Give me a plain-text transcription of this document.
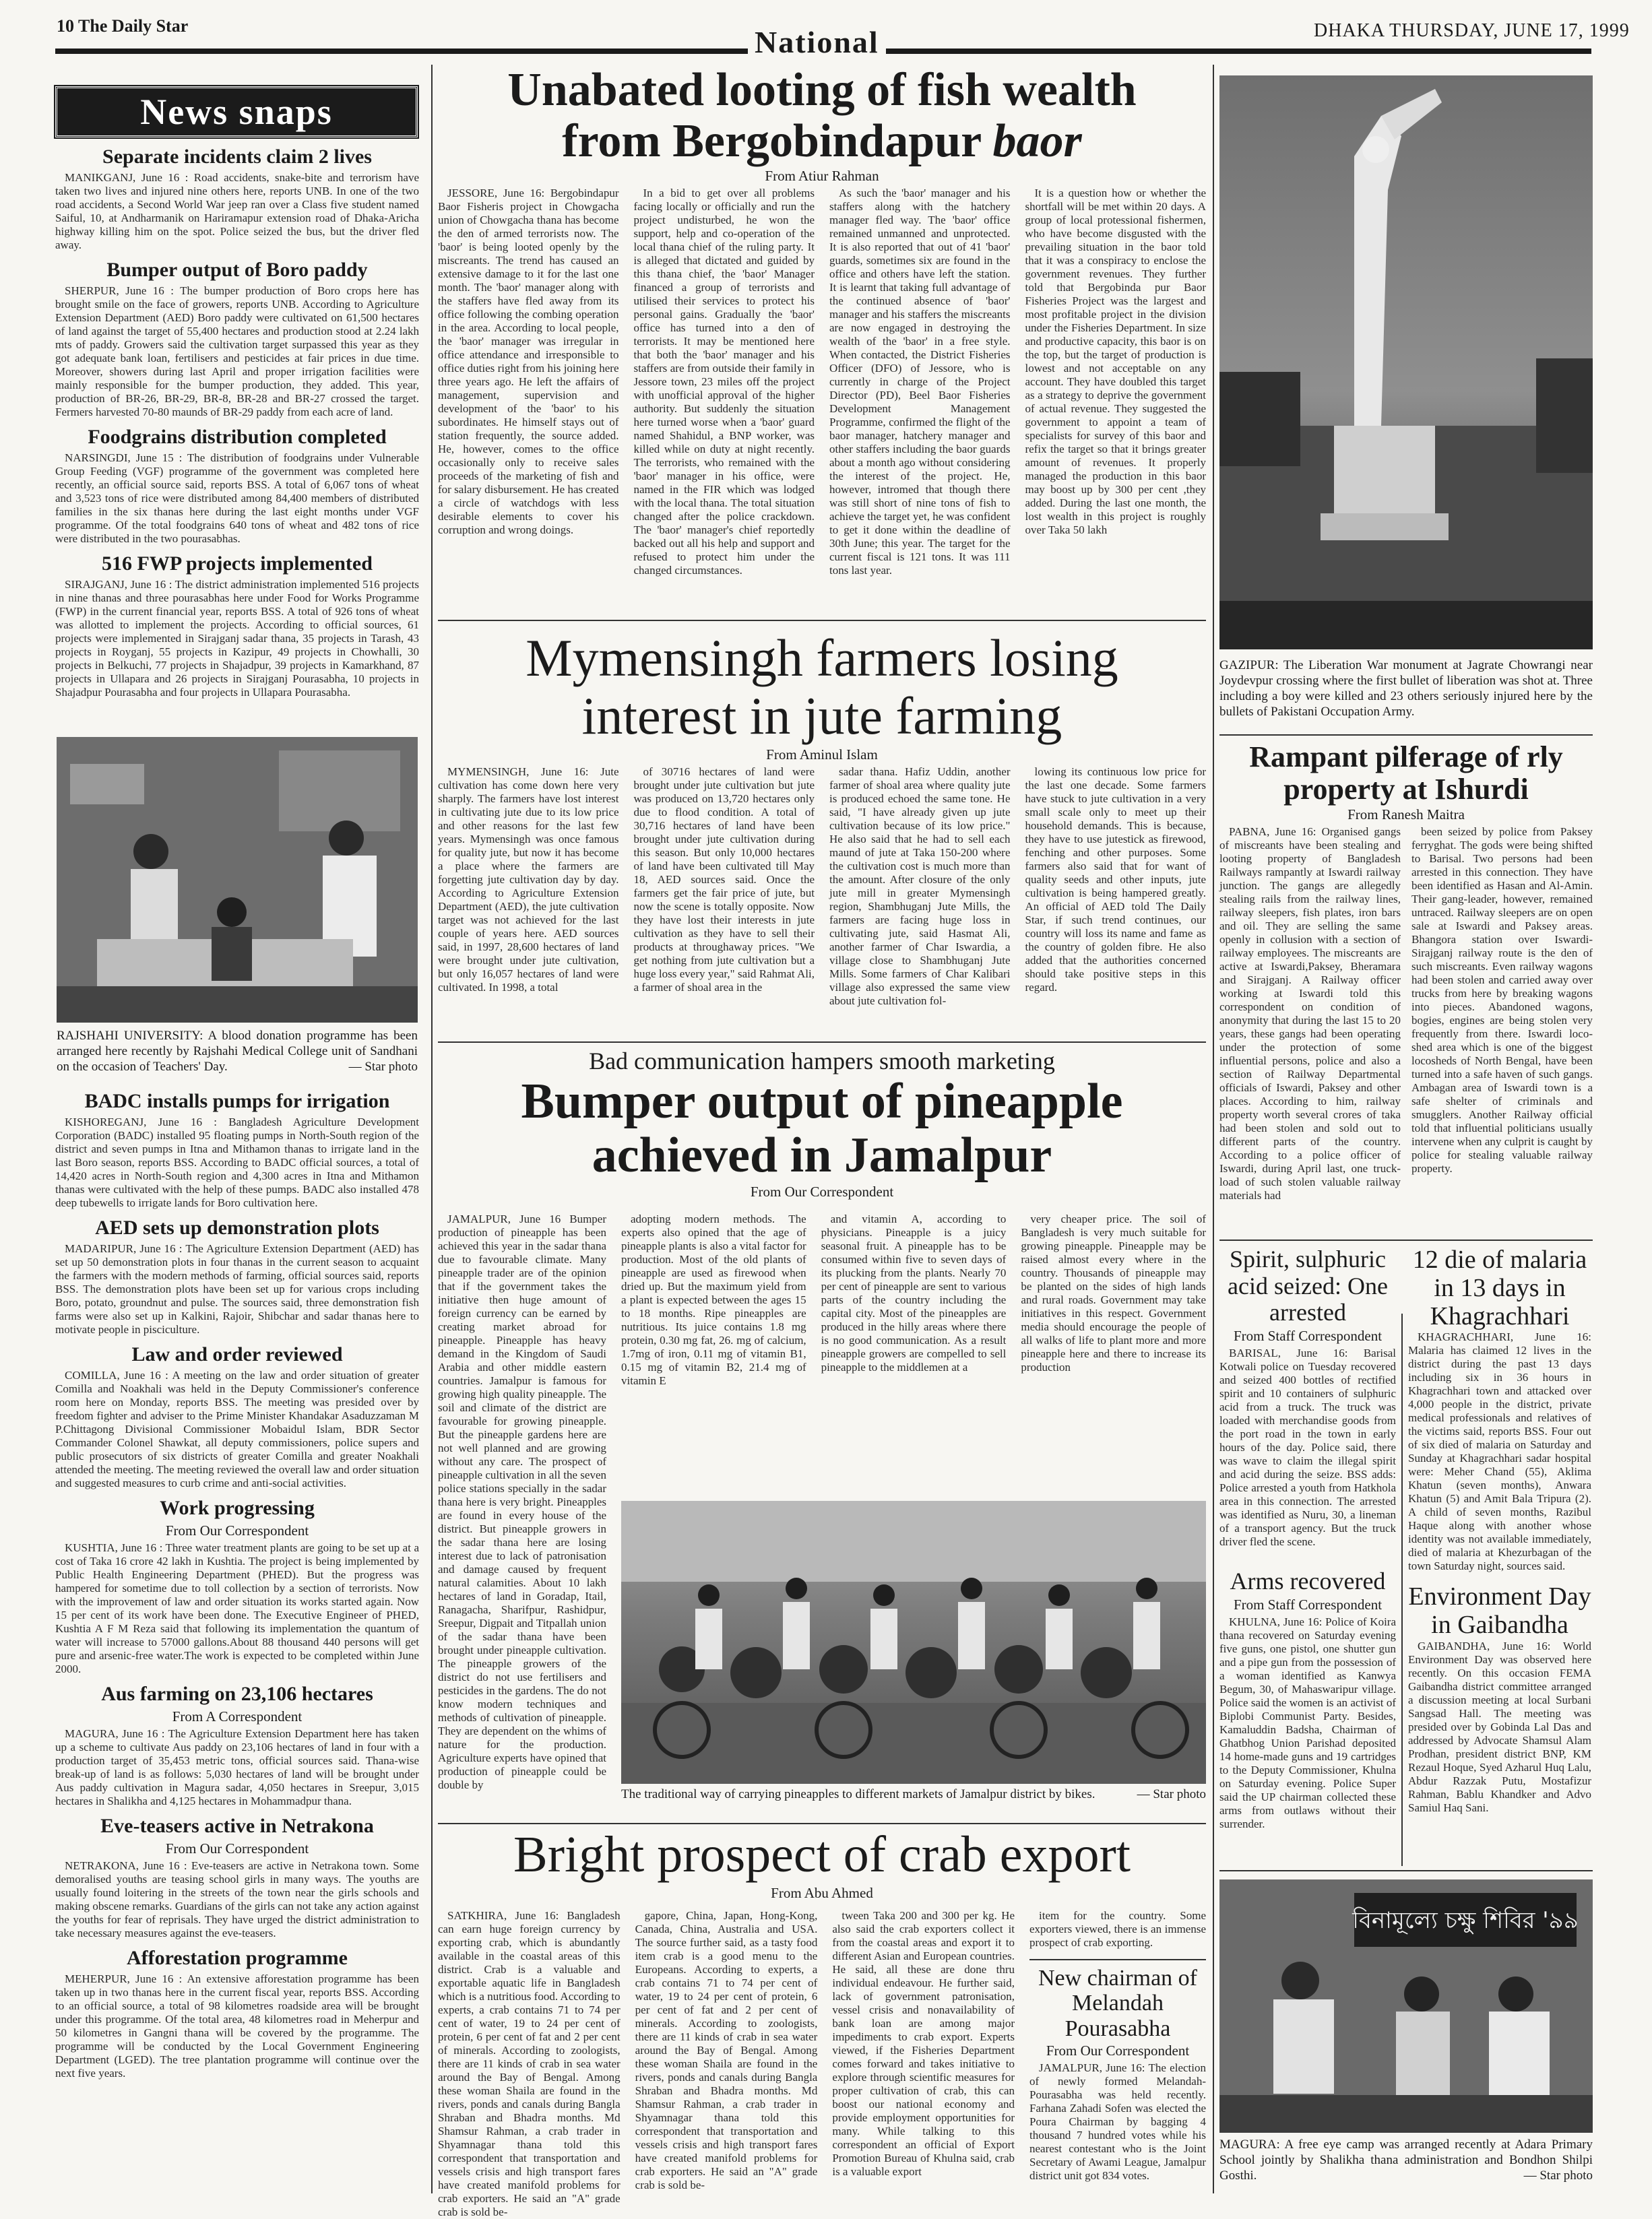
10 The Daily Star	National	DHAKA THURSDAY, JUNE 17, 1999
News snaps
Separate incidents claim 2 lives

MANIKGANJ, June 16 : Road accidents, snake-bite and terrorism have taken two lives and injured nine others here, reports UNB. In one of the two road accidents, a Second World War jeep ran over a Class five student named Saiful, 10, at Andharmanik on Hariramapur extension road of Dhaka-Aricha highway killing him on the spot. Police seized the bus, but the driver fled away.

Bumper output of Boro paddy

SHERPUR, June 16 : The bumper production of Boro crops here has brought smile on the face of growers, reports UNB. According to Agriculture Extension Department (AED) Boro paddy were cultivated on 61,500 hectares of land against the target of 55,400 hectares and production stood at 2.24 lakh mts of paddy. Growers said the cultivation target surpassed this year as they got adequate bank loan, fertilisers and pesticides at fair prices in due time. Moreover, showers during last April and proper irrigation facilities were mainly responsible for the bumper production, they added. This year, production of BR-26, BR-29, BR-8, BR-28 and BR-27 crossed the target. Fermers harvested 70-80 maunds of BR-29 paddy from each acre of land.

Foodgrains distribution completed

NARSINGDI, June 15 : The distribution of foodgrains under Vulnerable Group Feeding (VGF) programme of the government was completed here recently, an official source said, reports BSS. A total of 6,067 tons of wheat and 3,523 tons of rice were distributed among 84,400 members of distributed families in the six thanas here during the last eight months under VGF programme. Of the total foodgrains 640 tons of wheat and 482 tons of rice were distributed in the two pourasabhas.

516 FWP projects implemented

SIRAJGANJ, June 16 : The district administration implemented 516 projects in nine thanas and three pourasabhas here under Food for Works Programme (FWP) in the current financial year, reports BSS. A total of 926 tons of wheat was allotted to implement the projects. According to official sources, 61 projects were implemented in Sirajganj sadar thana, 35 projects in Tarash, 43 projects in Royganj, 55 projects in Kazipur, 49 projects in Chowhalli, 30 projects in Belkuchi, 77 projects in Shajadpur, 39 projects in Kamarkhand, 87 projects in Ullapara and 26 projects in Sirajganj Pourasabha, 10 projects in Shajadpur Pourasabha and four projects in Ullapara Pourasabha.

RAJSHAHI UNIVERSITY: A blood donation programme has been arranged here recently by Rajshahi Medical College unit of Sandhani on the occasion of Teachers' Day.	— Star photo
BADC installs pumps for irrigation

KISHOREGANJ, June 16 : Bangladesh Agriculture Development Corporation (BADC) installed 95 floating pumps in North-South region of the district and seven pumps in Itna and Mithamon thanas to irrigate land in the last Boro season, reports BSS. According to BADC official sources, a total of 14,420 acres in North-South region and 4,300 acres in Itna and Mithamon thanas were cultivated with the help of these pumps. BADC also installed 478 deep tubewells to irrigate lands for Boro cultivation here.

AED sets up demonstration plots

MADARIPUR, June 16 : The Agriculture Extension Department (AED) has set up 50 demonstration plots in four thanas in the current season to acquaint the farmers with the modern methods of farming, official sources said, reports BSS. The demonstration plots have been set up for various crops including Boro, potato, groundnut and pulse. The sources said, three demonstration fish farms were also set up in Kalkini, Rajoir, Shibchar and sadar thanas here to motivate people in pisciculture.

Law and order reviewed

COMILLA, June 16 : A meeting on the law and order situation of greater Comilla and Noakhali was held in the Deputy Commissioner's conference room here on Monday, reports BSS. The meeting was presided over by freedom fighter and adviser to the Prime Minister Khandakar Asaduzzaman M P.Chittagong Divisional Commissioner Mobaidul Islam, BDR Sector Commander Colonel Shawkat, all deputy commissioners, police supers and public prosecutors of six districts of greater Comilla and greater Noakhali attended the meeting. The meeting reviewed the overall law and order situation and suggested measures to curb crime and anti-social activities.

Work progressing
From Our Correspondent

KUSHTIA, June 16 : Three water treatment plants are going to be set up at a cost of Taka 16 crore 42 lakh in Kushtia. The project is being implemented by Public Health Engineering Department (PHED). But the progress was hampered for sometime due to toll collection by a section of terrorists. Now with the improvement of law and order situation its works started again. Now 15 per cent of its work have been done. The Executive Engineer of PHED, Kushtia A F M Reza said that following its implementation the quantum of water will increase to 57000 gallons.About 88 thousand 440 persons will get pure and arsenic-free water.The work is expected to be completed within June 2000.

Aus farming on 23,106 hectares
From A Correspondent

MAGURA, June 16 : The Agriculture Extension Department here has taken up a scheme to cultivate Aus paddy on 23,106 hectares of land in four with a production target of 35,453 metric tons, official sources said. Thana-wise break-up of land is as follows: 5,030 hectares of land will be brought under Aus paddy cultivation in Magura sadar, 4,050 hectares in Sreepur, 3,015 hectares in Shalikha and 4,125 hectares in Mohammadpur thana.

Eve-teasers active in Netrakona
From Our Correspondent

NETRAKONA, June 16 : Eve-teasers are active in Netrakona town. Some demoralised youths are teasing school girls in many ways. The youths are usually found loitering in the streets of the town near the girls schools and making obscene remarks. Guardians of the girls can not take any action against the youths for fear of reprisals. They have urged the district administration to take necessary measures against the eve-teasers.

Afforestation programme

MEHERPUR, June 16 : An extensive afforestation programme has been taken up in two thanas here in the current fiscal year, reports BSS. According to an official source, a total of 98 kilometres roadside area will be brought under this programme. Of the total area, 48 kilometres road in Meherpur and 50 kilometres in Gangni thana will be covered by the programme. The programme will be conducted by the Local Government Engineering Department (LGED). The tree plantation programme will continue over the next five years.

Unabated looting of fish wealth
from Bergobindapur baor
From Atiur Rahman

JESSORE, June 16: Bergobindapur Baor Fisheris project in Chowgacha union of Chowgacha thana has become the den of armed terrorists now. The 'baor' is being looted openly by the miscreants. The trend has caused an extensive damage to it for the last one month. The 'baor' manager along with the staffers have fled away from its office following the combing operation in the area. According to local people, the 'baor' manager was irregular in office attendance and irresponsible to office duties right from his joining here three years ago. He left the affairs of management, supervision and development of the 'baor' to his subordinates. He himself stays out of station frequently, the source added. He, however, comes to the office occasionally only to receive sales proceeds of the marketing of fish and for salary disbursement. He has created a circle of watchdogs with less desirable elements to cover his corruption and wrong doings.

In a bid to get over all problems facing locally or officially and run the project undisturbed, he won the support, help and co-operation of the local thana chief of the ruling party. It is alleged that dictated and guided by this thana chief, the 'baor' Manager financed a group of terrorists and utilised their services to protect his personal gains. Gradually the 'baor' office has turned into a den of terrorists. It may be mentioned here that both the 'baor' manager and his staffers are from outside their family in Jessore town, 23 miles off the project with unofficial approval of the higher authority. But suddenly the situation here turned worse when a 'baor' guard named Shahidul, a BNP worker, was killed while on duty at night recently. The terrorists, who remained with the 'baor' manager in his office, were named in the FIR which was lodged with the local thana. The total situation changed after the police crackdown. The 'baor' manager's chief reportedly backed out all his help and support and refused to protect him under the changed circumstances.

As such the 'baor' manager and his staffers along with the hatchery manager fled way. The 'baor' office remained unmanned and unprotected. It is also reported that out of 41 'baor' guards, sometimes six are found in the office and others have left the station. It is learnt that taking full advantage of the continued absence of 'baor' manager and his staffers the miscreants are now engaged in destroying the wealth of the 'baor' in a free style. When contacted, the District Fisheries Officer (DFO) of Jessore, who is currently in charge of the Project Director (PD), Beel Baor Fisheries Development Management Programme, confirmed the flight of the baor manager, hatchery manager and other staffers including the baor guards about a month ago without considering the interest of the project. He, however, intromed that though there was still short of nine tons of fish to achieve the target yet, he was confident to get it done within the deadline of 30th June; this year. The target for the current fiscal is 121 tons. It was 111 tons last year.

It is a question how or whether the shortfall will be met within 20 days. A group of local protessional fishermen, who have become disgusted with the prevailing situation in the baor told that it was a conspiracy to enclose the government revenues. They further told that Bergobinda pur Baor Fisheries Project was the largest and most profitable project in the division under the Fisheries Department. In size and productive capacity, this baor is on the top, but the target of production is lowest and not acceptable on any account. They have doubled this target as a strategy to deprive the government of actual revenue. They suggested the government to appoint a team of specialists for survey of this baor and refix the target so that it brings greater amount of revenues. It properly managed the production in this baor may boost up by 300 per cent ,they added. During the last one month, the lost wealth in this project is roughly over Taka 50 lakh

GAZIPUR: The Liberation War monument at Jagrate Chowrangi near Joydevpur crossing where the first bullet of liberation was shot at. Three including a boy were killed and 23 others seriously injured here by the bullets of Pakistani Occupation Army.
Mymensingh farmers losing
interest in jute farming
From Aminul Islam

MYMENSINGH, June 16: Jute cultivation has come down here very sharply. The farmers have lost interest in cultivating jute due to its low price and other reasons for the last few years. Mymensingh was once famous for quality jute, but now it has become a place where the farmers are forgetting jute cultivation day by day. According to Agriculture Extension Department (AED), the jute cultivation target was not achieved for the last couple of years here. AED sources said, in 1997, 28,600 hectares of land were brought under jute cultivation, but only 16,057 hectares of land were cultivated. In 1998, a total

of 30716 hectares of land were brought under jute cultivation but jute was produced on 13,720 hectares only due to flood condition. A total of 30,716 hectares of land have been brought under jute cultivation during this season. But only 10,000 hectares of land have been cultivated till May 18, AED sources said. Once the farmers get the fair price of jute, but now the scene is totally opposite. Now they have lost their interests in jute cultivation as they have to sell their products at throughaway prices. "We get nothing from jute cultivation but a huge loss every year," said Rahmat Ali, a farmer of shoal area in the

sadar thana. Hafiz Uddin, another farmer of shoal area where quality jute is produced echoed the same tone. He said, "I have already given up jute cultivation because of its low price." He also said that he had to sell each maund of jute at Taka 150-200 where the cultivation cost is much more than the amount. After closure of the only jute mill in greater Mymensingh region, Shambhuganj Jute Mills, the farmers are facing huge loss in cultivating jute, said Hasmat Ali, another farmer of Char Iswardia, a village close to Shambhuganj Jute Mills. Some farmers of Char Kalibari village also expressed the same view about jute cultivation fol-

lowing its continuous low price for the last one decade. Some farmers have stuck to jute cultivation in a very small scale only to meet up their household demands. This is because, they have to use jutestick as firewood, fenching and other purposes. Some farmers also said that for want of quality seeds and other inputs, jute cultivation is being hampered greatly. An official of AED told The Daily Star, if such trend continues, our country will loss its name and fame as the country of golden fibre. He also added that the authorities concerned should take positive steps in this regard.

Rampant pilferage of rly property at Ishurdi
From Ranesh Maitra

PABNA, June 16: Organised gangs of miscreants have been stealing and looting property of Bangladesh Railways rampantly at Iswardi railway junction. The gangs are allegedly stealing rails from the railway lines, railway sleepers, fish plates, iron bars and oil. They are selling the same openly in collusion with a section of railway employees. The miscreants are active at Iswardi,Paksey, Bheramara and Sirajganj. A Railway officer working at Iswardi told this correspondent on condition of anonymity that during the last 15 to 20 years, these gangs had been operating under the protection of some influential persons, police and also a section of Railway Departmental officials of Iswardi, Paksey and other places. According to him, railway property worth several crores of taka had been stolen and sold out to different parts of the country. According to a police officer of Iswardi, during April last, one truck-load of such stolen valuable railway materials had

been seized by police from Paksey ferryghat. The gods were being shifted to Barisal. Two persons had been arrested in this connection. They have been identified as Hasan and Al-Amin. Their gang-leader, however, remained untraced. Railway sleepers are on open sale at Iswardi and Paksey areas. Bhangora station over Iswardi-Sirajganj railway route is the den of such miscreants. Even railway wagons had been stolen and carried away over trucks from here by breaking wagons into pieces. Abandoned wagons, bogies, engines are being stolen very frequently from there. Iswardi loco-shed area which is one of the biggest locosheds of North Bengal, have been turned into a safe haven of such gangs. Ambagan area of Iswardi town is a safe shelter of criminals and smugglers. Another Railway official told that influential politicians usually intervene when any culprit is caught by police for stealing valuable railway property.

Bad communication hampers smooth marketing
Bumper output of pineapple
achieved in Jamalpur
From Our Correspondent

JAMALPUR, June 16 Bumper production of pineapple has been achieved this year in the sadar thana due to favourable climate. Many pineapple trader are of the opinion that if the government takes the initiative then huge amount of foreign currency can be earned by creating market abroad for pineapple. Pineapple has heavy demand in the Kingdom of Saudi Arabia and other middle eastern countries. Jamalpur is famous for growing high quality pineapple. The soil and climate of the district are favourable for growing pineapple. But the pineapple gardens here are not well planned and are growing without any care. The prospect of pineapple cultivation in all the seven police stations specially in the sadar thana here is very bright. Pineapples are found in every house of the district. But pineapple growers in the sadar thana here are losing interest due to lack of patronisation and damage caused by frequent natural calamities. About 10 lakh hectares of land in Goradap, Itail, Ranagacha, Sharifpur, Rashidpur, Sreepur, Digpait and Titpallah union of the sadar thana have been brought under pineapple cultivation. The pineapple growers of the district do not use fertilisers and pesticides in the gardens. The do not know modern techniques and methods of cultivation of pineapple. They are dependent on the whims of nature for the production. Agriculture experts have opined that production of pineapple could be double by

adopting modern methods. The experts also opined that the age of pineapple plants is also a vital factor for production. Most of the old plants of pineapple are used as firewood when dried up. But the maximum yield from a plant is expected between the ages 15 to 18 months. Ripe pineapples are nutritious. Its juice contains 1.8 mg protein, 0.30 mg fat, 26. mg of calcium, 1.7mg of iron, 0.11 mg of vitamin B1, 0.15 mg of vitamin B2, 21.4 mg of vitamin E

and vitamin A, according to physicians. Pineapple is a juicy seasonal fruit. A pineapple has to be consumed within five to seven days of its plucking from the plants. Nearly 70 per cent of pineapple are sent to various parts of the country including the capital city. Most of the pineapples are produced in the hilly areas where there is no good communication. As a result pineapple growers are compelled to sell pineapple to the middlemen at a

very cheaper price. The soil of Bangladesh is very much suitable for growing pineapple. Pineapple may be raised almost every where in the country. Thousands of pineapple may be planted on the sides of high lands and rural roads. Government may take initiatives in this respect. Government media should encourage the people of all walks of life to plant more and more pineapple here and there to increase its production

The traditional way of carrying pineapples to different markets of Jamalpur district by bikes.	— Star photo
Spirit, sulphuric acid seized: One arrested
From Staff Correspondent

BARISAL, June 16: Barisal Kotwali police on Tuesday recovered and seized 400 bottles of rectified spirit and 10 containers of sulphuric acid from a truck. The truck was loaded with merchandise goods from the port road in the town in early hours of the day. Police said, there was wave to claim the illegal spirit and acid during the seize. BSS adds: Police arrested a youth from Hatkhola area in this connection. The arrested was identified as Nuru, 30, a lineman of a transport agency. But the truck driver fled the scene.

12 die of malaria in 13 days in Khagrachhari

KHAGRACHHARI, June 16: Malaria has claimed 12 lives in the district during the past 13 days including six in 36 hours in Khagrachhari town and attacked over 4,000 people in the district, private medical professionals and relatives of the victims said, reports BSS. Four out of six died of malaria on Saturday and Sunday at Khagrachhari sadar hospital were: Meher Chand (55), Aklima Khatun (seven months), Anwara Khatun (5) and Amit Bala Tripura (2). A child of seven months, Razibul Haque along with another whose identity was not available immediately, died of malaria at Khezurbagan of the town Saturday night, sources said.

Arms recovered
From Staff Correspondent

KHULNA, June 16: Police of Koira thana recovered on Saturday evening five guns, one pistol, one shutter gun and a pipe gun from the possession of a woman identified as Kanwya Begum, 30, of Mahaswaripur village. Police said the women is an activist of Biplobi Communist Party. Besides, Kamaluddin Badsha, Chairman of Ghatbhog Union Parishad deposited 14 home-made guns and 19 cartridges to the Deputy Commissioner, Khulna on Saturday evening. Police Super said the UP chairman collected these arms from outlaws without their surrender.

Environment Day in Gaibandha

GAIBANDHA, June 16: World Environment Day was observed here recently. On this occasion FEMA Gaibandha district committee arranged a discussion meeting at local Surbani Sangsad Hall. The meeting was presided over by Gobinda Lal Das and addressed by Advocate Shamsul Alam Prodhan, president district BNP, KM Rezaul Hoque, Syed Azharul Huq Lalu, Abdur Razzak Putu, Mostafizur Rahman, Bablu Khandker and Advo Samiul Haq Sani.

Bright prospect of crab export
From Abu Ahmed

SATKHIRA, June 16: Bangladesh can earn huge foreign currency by exporting crab, which is abundantly available in the coastal areas of this district. Crab is a valuable and exportable aquatic life in Bangladesh which is a nutritious food. According to experts, a crab contains 71 to 74 per cent of water, 19 to 24 per cent of protein, 6 per cent of fat and 2 per cent of minerals. According to zoologists, there are 11 kinds of crab in sea water around the Bay of Bengal. Among these woman Shaila are found in the rivers, ponds and canals during Bangla Shraban and Bhadra months. Md Shamsur Rahman, a crab trader in Shyamnagar thana told this correspondent that transportation and vessels crisis and high transport fares have created manifold problems for crab exporters. He said an "A" grade crab is sold be-

gapore, China, Japan, Hong-Kong, Canada, China, Australia and USA. The source further said, as a tasty food item crab is a good menu to the Europeans. According to experts, a crab contains 71 to 74 per cent of water, 19 to 24 per cent of protein, 6 per cent of fat and 2 per cent of minerals. According to zoologists, there are 11 kinds of crab in sea water around the Bay of Bengal. Among these woman Shaila are found in the rivers, ponds and canals during Bangla Shraban and Bhadra months. Md Shamsur Rahman, a crab trader in Shyamnagar thana told this correspondent that transportation and vessels crisis and high transport fares have created manifold problems for crab exporters. He said an "A" grade crab is sold be-

tween Taka 200 and 300 per kg. He also said the crab exporters collect it from the coastal areas and export it to different Asian and European countries. He said, all these are done thru individual endeavour. He further said, lack of government patronisation, vessel crisis and nonavailability of bank loan are among major impediments to crab export. Experts viewed, if the Fisheries Department comes forward and takes initiative to explore through scientific measures for proper cultivation of crab, this can boost our national economy and provide employment opportunities for many. While talking to this correspondent an official of Export Promotion Bureau of Khulna said, crab is a valuable export

item for the country. Some exporters viewed, there is an immense prospect of crab exporting.

New chairman of Melandah Pourasabha
From Our Correspondent

JAMALPUR, June 16: The election of newly formed Melandah-Pourasabha was held recently. Farhana Zahadi Sofen was elected the Poura Chairman by bagging 4 thousand 7 hundred votes while his nearest contestant who is the Joint Secretary of Awami League, Jamalpur district unit got 834 votes.

বিনামূল্যে চক্ষু শিবির '৯৯
MAGURA: A free eye camp was arranged recently at Adara Primary School jointly by Shalikha thana administration and Bondhon Shilpi Gosthi.	— Star photo
